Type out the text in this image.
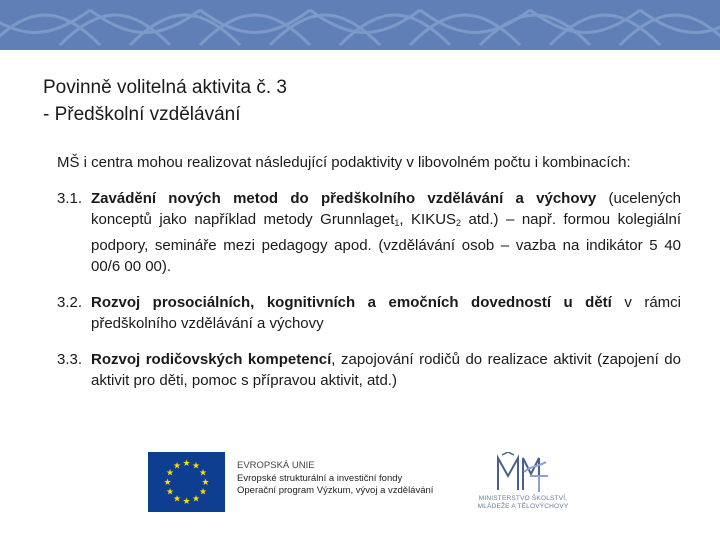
Povinně volitelná aktivita č. 3
- Předškolní vzdělávání
MŠ i centra mohou realizovat následující podaktivity v libovolném počtu i kombinacích:
3.1. Zavádění nových metod do předškolního vzdělávání a výchovy (ucelených konceptů jako například metody Grunnlaget$_1$, $KIKUS_2$ atd.) – např. formou kolegiální podpory, semináře mezi pedagogy apod. (vzdělávání osob – vazba na indikátor 5 40 00/6 00 00).
3.2. Rozvoj prosociálních, kognitivních a emočních dovedností u dětí v rámci předškolního vzdělávání a výchovy
3.3. Rozvoj rodičovských kompetencí, zapojování rodičů do realizace aktivit (zapojení do aktivit pro děti, pomoc s přípravou aktivit, atd.)
★ ★
★
★
★
★
★
★
★
★
★
★	EVROPSKÁ UNIE
Evropské strukturální a investiční fondy
Operační program Výzkum, vývoj a vzdělávání
MINISTERSTVO ŠKOLSTVÍ,
MLÁDEŽE A TĚLOVÝCHOVY
